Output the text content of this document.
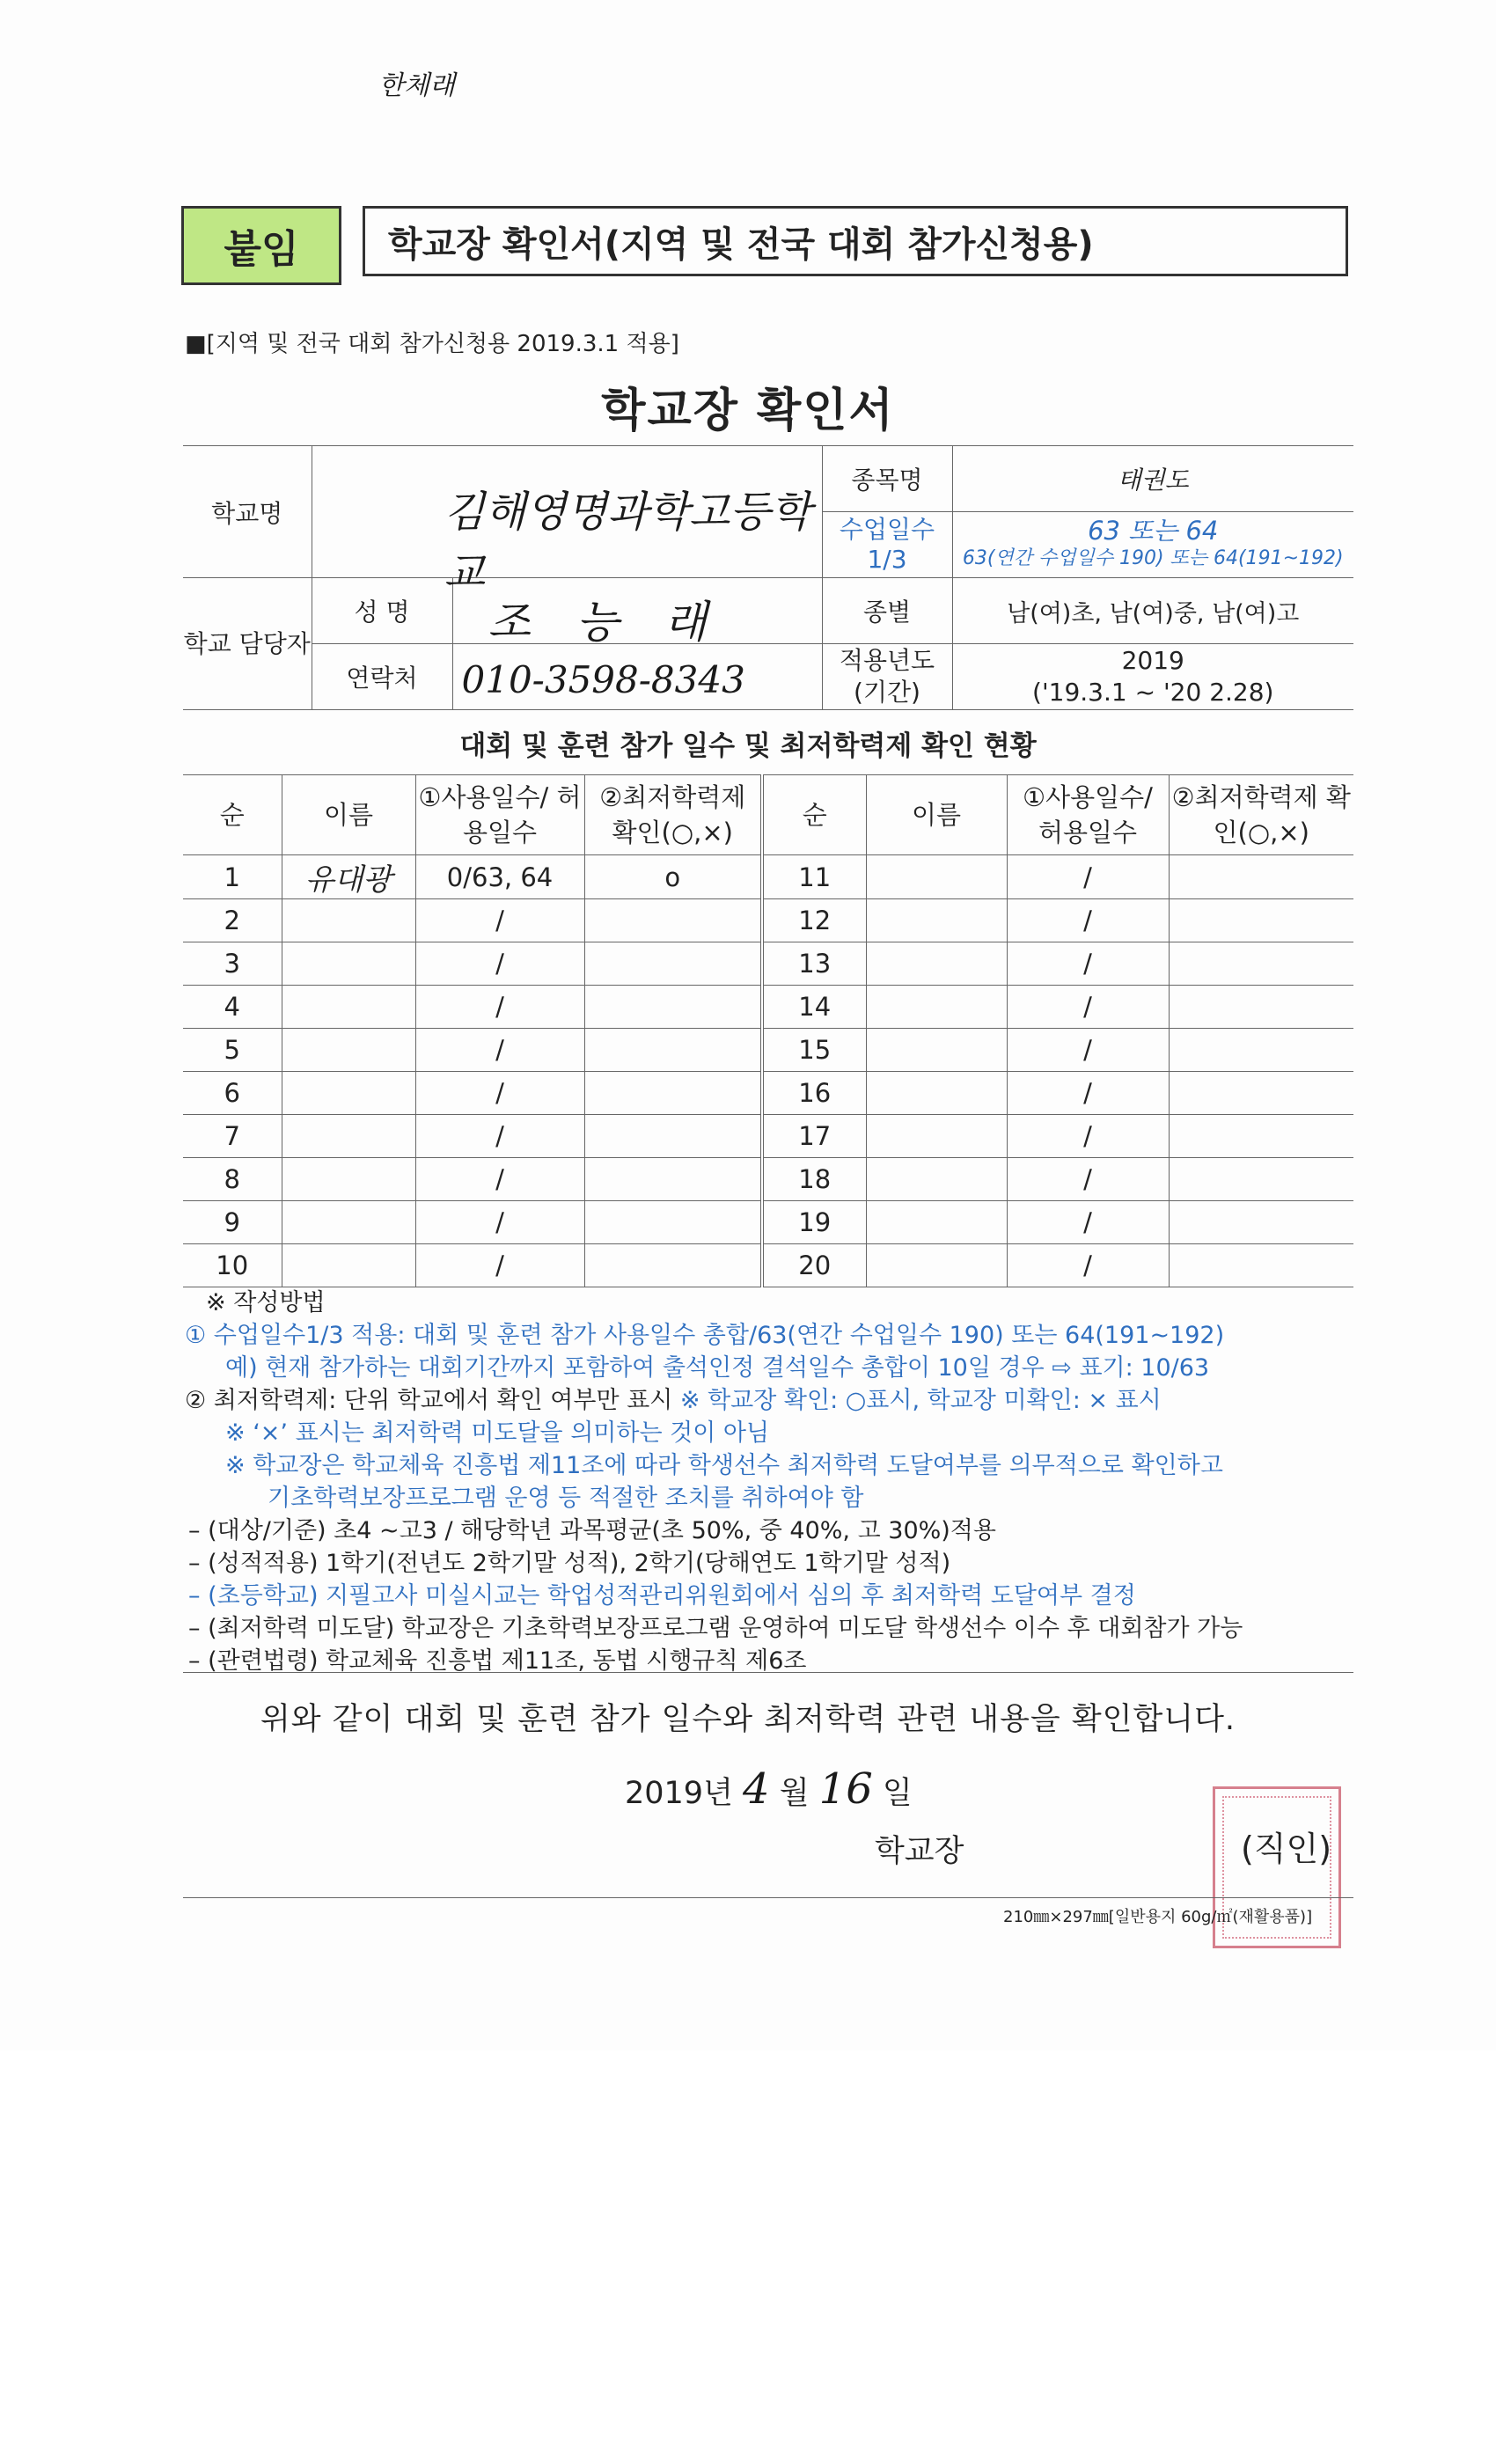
한체래
붙임	학교장 확인서(지역 및 전국 대회 참가신청용)
■[지역 및 전국 대회 참가신청용 2019.3.1 적용]
학교장 확인서
학교명	김해영명과학고등학교		종목명	태권도
			수업일수 1/3	63 또는 64
63(연간 수업일수 190) 또는 64(191~192)

학교 담당자	성 명	조 능 래	종별	남(여)초, 남(여)중, 남(여)고
	연락처	010-3598-8343	적용년도 (기간)	2019
('19.3.1 ~ '20 2.28)
대회 및 훈련 참가 일수 및 최저학력제 확인 현황
순	이름	①사용일수/ 허용일수	②최저학력제 확인(○,×)	순	이름	①사용일수/ 허용일수	②최저학력제 확인(○,×)
1	유대광	0/63, 64	o	11		/	
2		/		12		/	
3		/		13		/	
4		/		14		/	
5		/		15		/	
6		/		16		/	
7		/		17		/	
8		/		18		/	
9		/		19		/	
10		/		20		/	
※ 작성방법
① 수업일수1/3 적용: 대회 및 훈련 참가 사용일수 총합/63(연간 수업일수 190) 또는 64(191~192)
예) 현재 참가하는 대회기간까지 포함하여 출석인정 결석일수 총합이 10일 경우 ⇨ 표기: 10/63
② 최저학력제: 단위 학교에서 확인 여부만 표시 ※ 학교장 확인: ○표시, 학교장 미확인: × 표시
※ ‘×’ 표시는 최저학력 미도달을 의미하는 것이 아님
※ 학교장은 학교체육 진흥법 제11조에 따라 학생선수 최저학력 도달여부를 의무적으로 확인하고
기초학력보장프로그램 운영 등 적절한 조치를 취하여야 함
– (대상/기준) 초4 ~고3 / 해당학년 과목평균(초 50%, 중 40%, 고 30%)적용
– (성적적용) 1학기(전년도 2학기말 성적), 2학기(당해연도 1학기말 성적)
– (초등학교) 지필고사 미실시교는 학업성적관리위원회에서 심의 후 최저학력 도달여부 결정
– (최저학력 미도달) 학교장은 기초학력보장프로그램 운영하여 미도달 학생선수 이수 후 대회참가 가능
– (관련법령) 학교체육 진흥법 제11조, 동법 시행규칙 제6조
위와 같이 대회 및 훈련 참가 일수와 최저학력 관련 내용을 확인합니다.
2019년 4 월 16 일
학교장	(직인)
210㎜×297㎜[일반용지 60g/㎡(재활용품)]
